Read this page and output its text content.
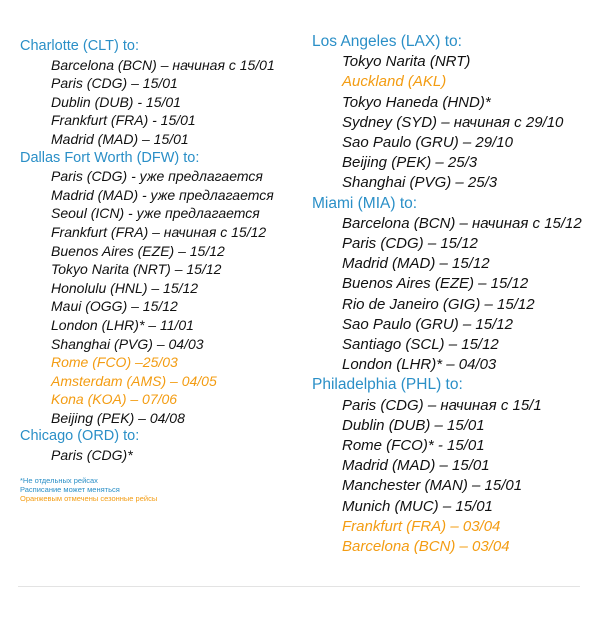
Charlotte (CLT) to:
Barcelona (BCN) – начиная с 15/01
Paris (CDG) – 15/01
Dublin (DUB) - 15/01
Frankfurt (FRA) - 15/01
Madrid (MAD) – 15/01
Dallas Fort Worth (DFW) to:
Paris (CDG) - уже предлагается
Madrid (MAD) - уже предлагается
Seoul (ICN) - уже предлагается
Frankfurt (FRA) – начиная с 15/12
Buenos Aires (EZE) – 15/12
Tokyo Narita (NRT) – 15/12
Honolulu (HNL) – 15/12
Maui (OGG) – 15/12
London (LHR)* – 11/01
Shanghai (PVG) – 04/03
Rome (FCO) –25/03
Amsterdam (AMS) – 04/05
Kona (KOA) – 07/06
Beijing (PEK) – 04/08
Chicago (ORD) to:
Paris (CDG)*
Los Angeles (LAX) to:
Tokyo Narita (NRT)
Auckland (AKL)
Tokyo Haneda (HND)*
Sydney (SYD) – начиная с 29/10
Sao Paulo (GRU) – 29/10
Beijing (PEK) – 25/3
Shanghai (PVG) – 25/3
Miami (MIA) to:
Barcelona (BCN) – начиная с 15/12
Paris (CDG) – 15/12
Madrid (MAD) – 15/12
Buenos Aires (EZE) – 15/12
Rio de Janeiro (GIG) – 15/12
Sao Paulo (GRU) – 15/12
Santiago (SCL) – 15/12
London (LHR)* – 04/03
Philadelphia (PHL) to:
Paris (CDG) – начиная с 15/1
Dublin (DUB) – 15/01
Rome (FCO)* - 15/01
Madrid (MAD) – 15/01
Manchester (MAN) – 15/01
Munich (MUC) – 15/01
Frankfurt (FRA) – 03/04
Barcelona (BCN) – 03/04
*Не отдельных рейсах
Расписание может меняться
Оранжевым отмечены сезонные рейсы
